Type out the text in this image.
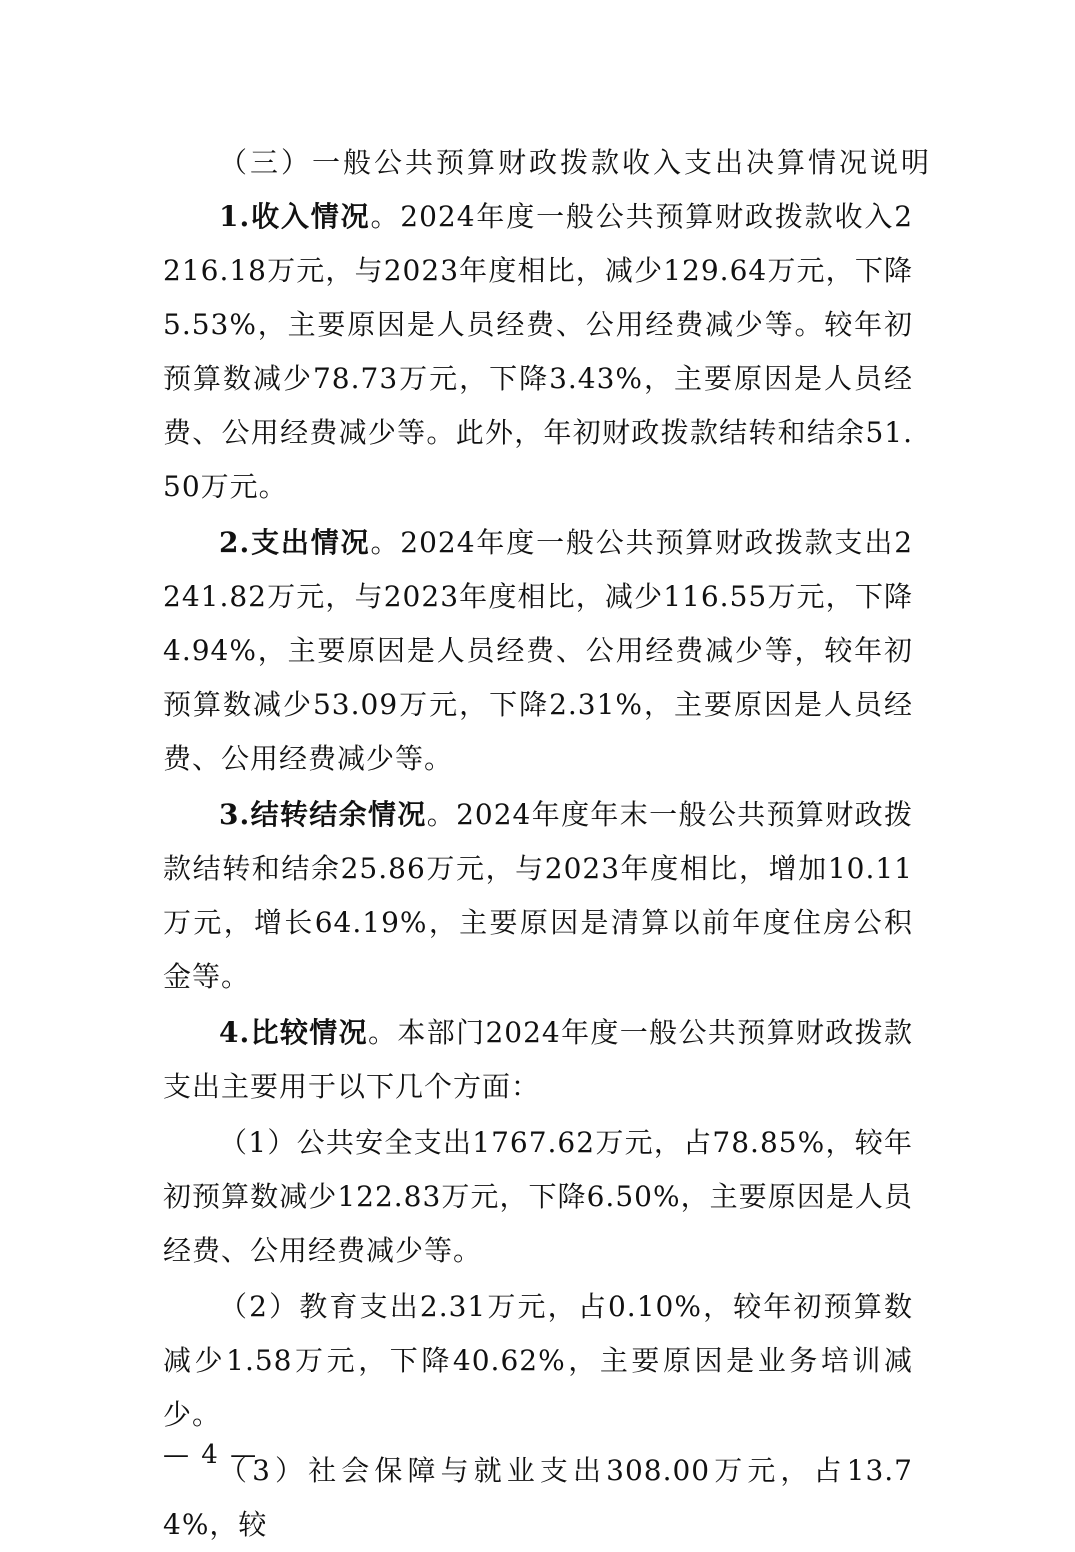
（三）一般公共预算财政拨款收入支出决算情况说明

1.收入情况。2024年度一般公共预算财政拨款收入2216.18万元，与2023年度相比，减少129.64万元，下降5.53%，主要原因是人员经费、公用经费减少等。较年初预算数减少78.73万元，下降3.43%，主要原因是人员经费、公用经费减少等。此外，年初财政拨款结转和结余51.50万元。

2.支出情况。2024年度一般公共预算财政拨款支出2241.82万元，与2023年度相比，减少116.55万元，下降4.94%，主要原因是人员经费、公用经费减少等，较年初预算数减少53.09万元，下降2.31%，主要原因是人员经费、公用经费减少等。

3.结转结余情况。2024年度年末一般公共预算财政拨款结转和结余25.86万元，与2023年度相比，增加10.11万元，增长64.19%，主要原因是清算以前年度住房公积金等。

4.比较情况。本部门2024年度一般公共预算财政拨款支出主要用于以下几个方面：

（1）公共安全支出1767.62万元，占78.85%，较年初预算数减少122.83万元，下降6.50%，主要原因是人员经费、公用经费减少等。

（2）教育支出2.31万元，占0.10%，较年初预算数减少1.58万元，下降40.62%，主要原因是业务培训减少。

（3）社会保障与就业支出308.00万元，占13.74%，较

— 4 —
